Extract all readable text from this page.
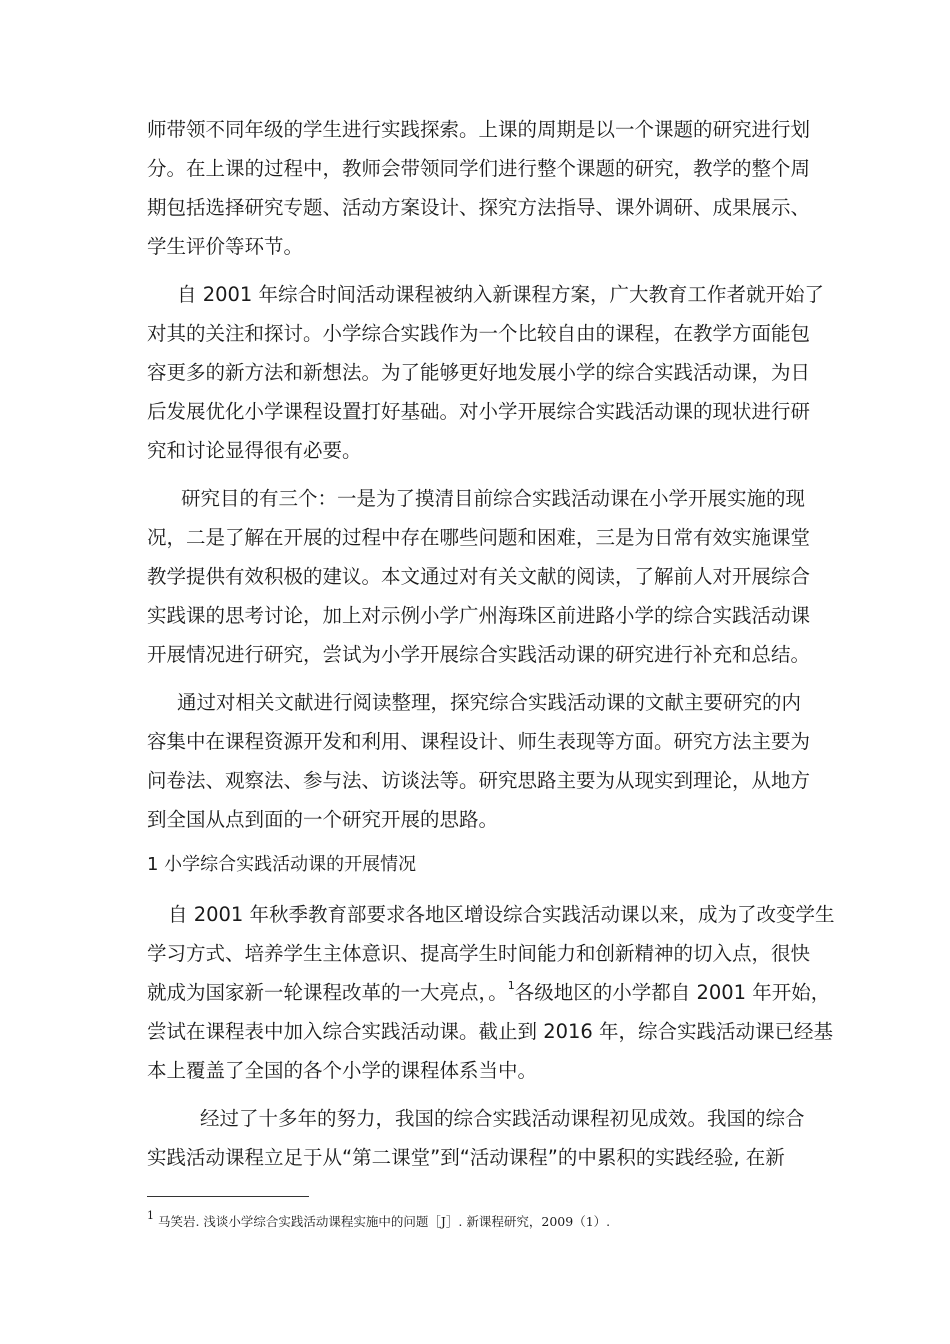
师带领不同年级的学生进行实践探索。上课的周期是以一个课题的研究进行划
分。在上课的过程中，教师会带领同学们进行整个课题的研究，教学的整个周
期包括选择研究专题、活动方案设计、探究方法指导、课外调研、成果展示、
学生评价等环节。
自 2001 年综合时间活动课程被纳入新课程方案，广大教育工作者就开始了
对其的关注和探讨。小学综合实践作为一个比较自由的课程，在教学方面能包
容更多的新方法和新想法。为了能够更好地发展小学的综合实践活动课，为日
后发展优化小学课程设置打好基础。对小学开展综合实践活动课的现状进行研
究和讨论显得很有必要。
研究目的有三个：一是为了摸清目前综合实践活动课在小学开展实施的现
况，二是了解在开展的过程中存在哪些问题和困难，三是为日常有效实施课堂
教学提供有效积极的建议。本文通过对有关文献的阅读，了解前人对开展综合
实践课的思考讨论，加上对示例小学广州海珠区前进路小学的综合实践活动课
开展情况进行研究，尝试为小学开展综合实践活动课的研究进行补充和总结。
通过对相关文献进行阅读整理，探究综合实践活动课的文献主要研究的内
容集中在课程资源开发和利用、课程设计、师生表现等方面。研究方法主要为
问卷法、观察法、参与法、访谈法等。研究思路主要为从现实到理论，从地方
到全国从点到面的一个研究开展的思路。
1 小学综合实践活动课的开展情况
自 2001 年秋季教育部要求各地区增设综合实践活动课以来，成为了改变学生
学习方式、培养学生主体意识、提高学生时间能力和创新精神的切入点，很快
就成为国家新一轮课程改革的一大亮点，。$^1$各级地区的小学都自 2001 年开始，
尝试在课程表中加入综合实践活动课。截止到 2016 年，综合实践活动课已经基
本上覆盖了全国的各个小学的课程体系当中。
经过了十多年的努力，我国的综合实践活动课程初见成效。我国的综合
实践活动课程立足于从“第二课堂”到“活动课程”的中累积的实践经验, 在新
$^1$ 马笑岩. 浅谈小学综合实践活动课程实施中的问题［J］. 新课程研究，2009（1）.
